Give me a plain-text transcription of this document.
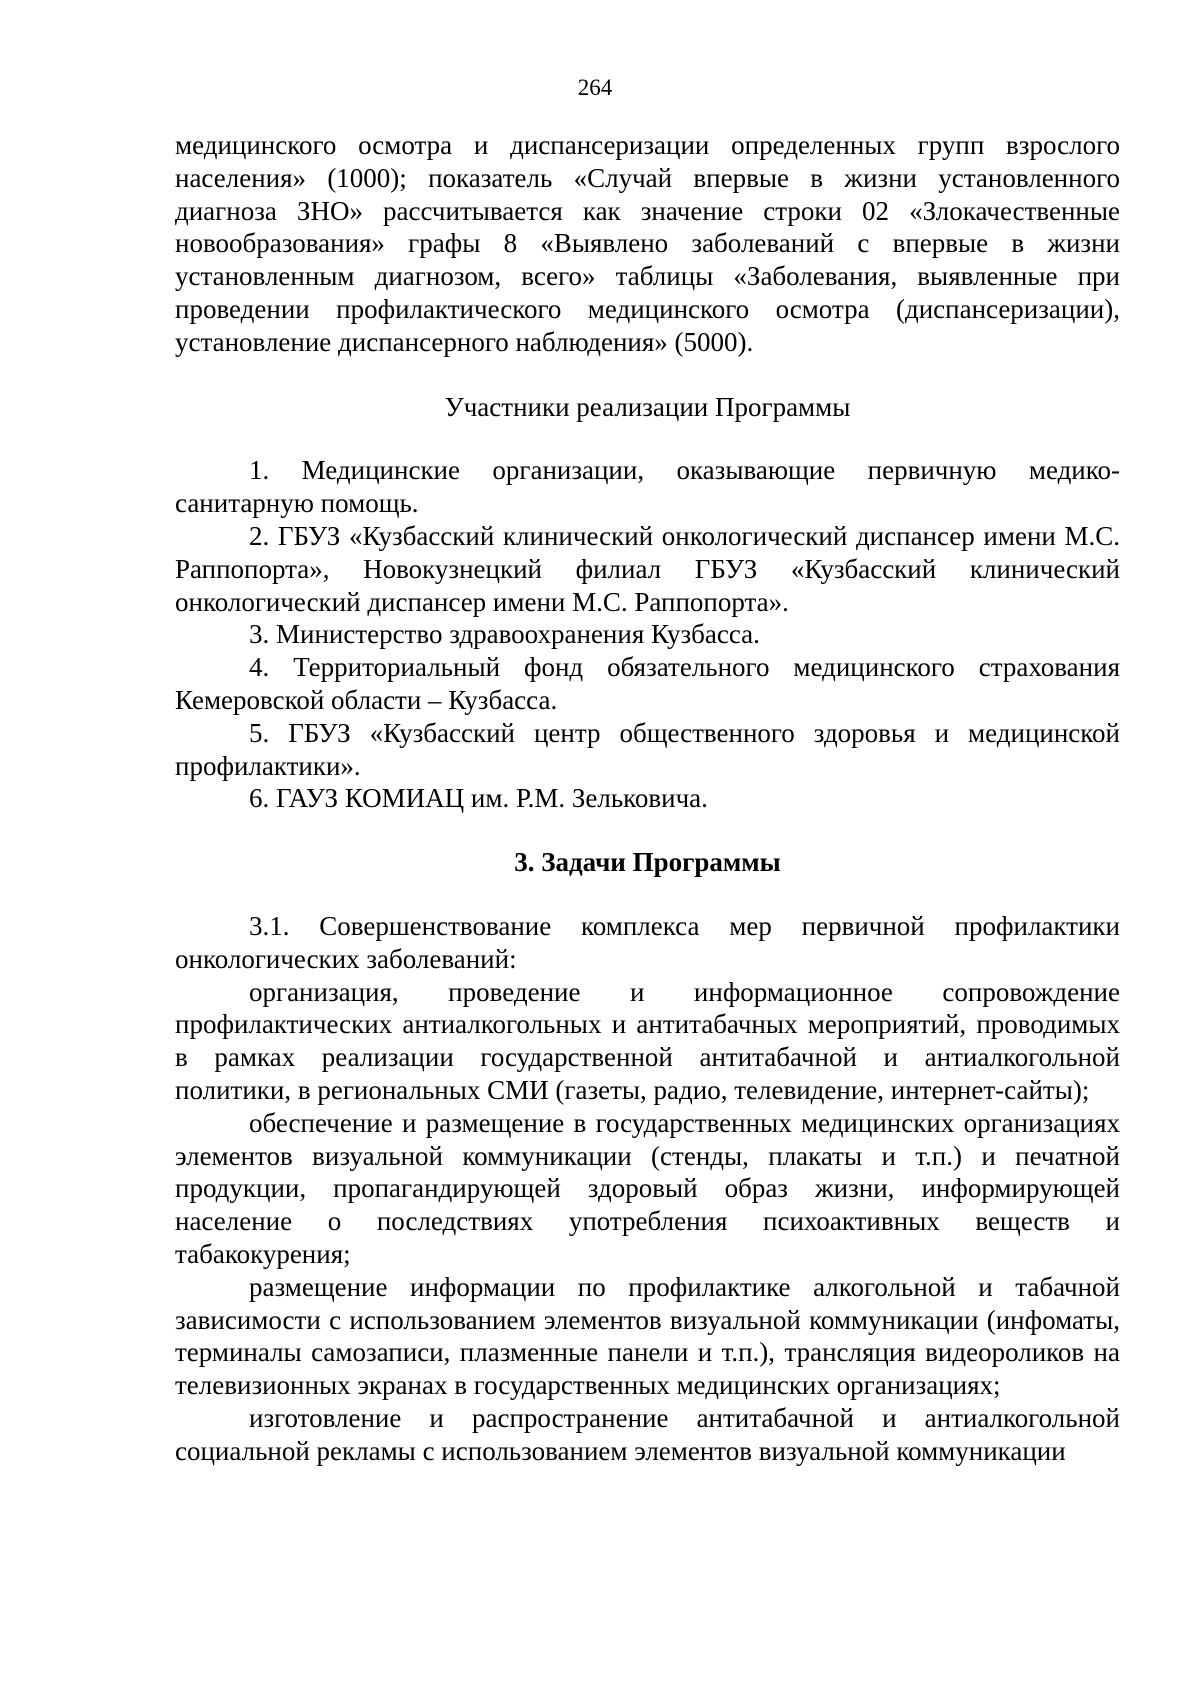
264

медицинского осмотра и диспансеризации определенных групп взрослого населения» (1000); показатель «Случай впервые в жизни установленного диагноза ЗНО» рассчитывается как значение строки 02 «Злокачественные новообразования» графы 8 «Выявлено заболеваний с впервые в жизни установленным диагнозом, всего» таблицы «Заболевания, выявленные при проведении профилактического медицинского осмотра (диспансеризации), установление диспансерного наблюдения» (5000).

Участники реализации Программы

1. Медицинские организации, оказывающие первичную медико-санитарную помощь.

2. ГБУЗ «Кузбасский клинический онкологический диспансер имени М.С. Раппопорта», Новокузнецкий филиал ГБУЗ «Кузбасский клинический онкологический диспансер имени М.С. Раппопорта».

3. Министерство здравоохранения Кузбасса.

4. Территориальный фонд обязательного медицинского страхования Кемеровской области – Кузбасса.

5. ГБУЗ «Кузбасский центр общественного здоровья и медицинской профилактики».

6. ГАУЗ КОМИАЦ им. Р.М. Зельковича.

3. Задачи Программы

3.1. Совершенствование комплекса мер первичной профилактики онкологических заболеваний:

организация, проведение и информационное сопровождение профилактических антиалкогольных и антитабачных мероприятий, проводимых в рамках реализации государственной антитабачной и антиалкогольной политики, в региональных СМИ (газеты, радио, телевидение, интернет-сайты);

обеспечение и размещение в государственных медицинских организациях элементов визуальной коммуникации (стенды, плакаты и т.п.) и печатной продукции, пропагандирующей здоровый образ жизни, информирующей население о последствиях употребления психоактивных веществ и табакокурения;

размещение информации по профилактике алкогольной и табачной зависимости с использованием элементов визуальной коммуникации (инфоматы, терминалы самозаписи, плазменные панели и т.п.), трансляция видеороликов на телевизионных экранах в государственных медицинских организациях;

изготовление и распространение антитабачной и антиалкогольной социальной рекламы с использованием элементов визуальной коммуникации
